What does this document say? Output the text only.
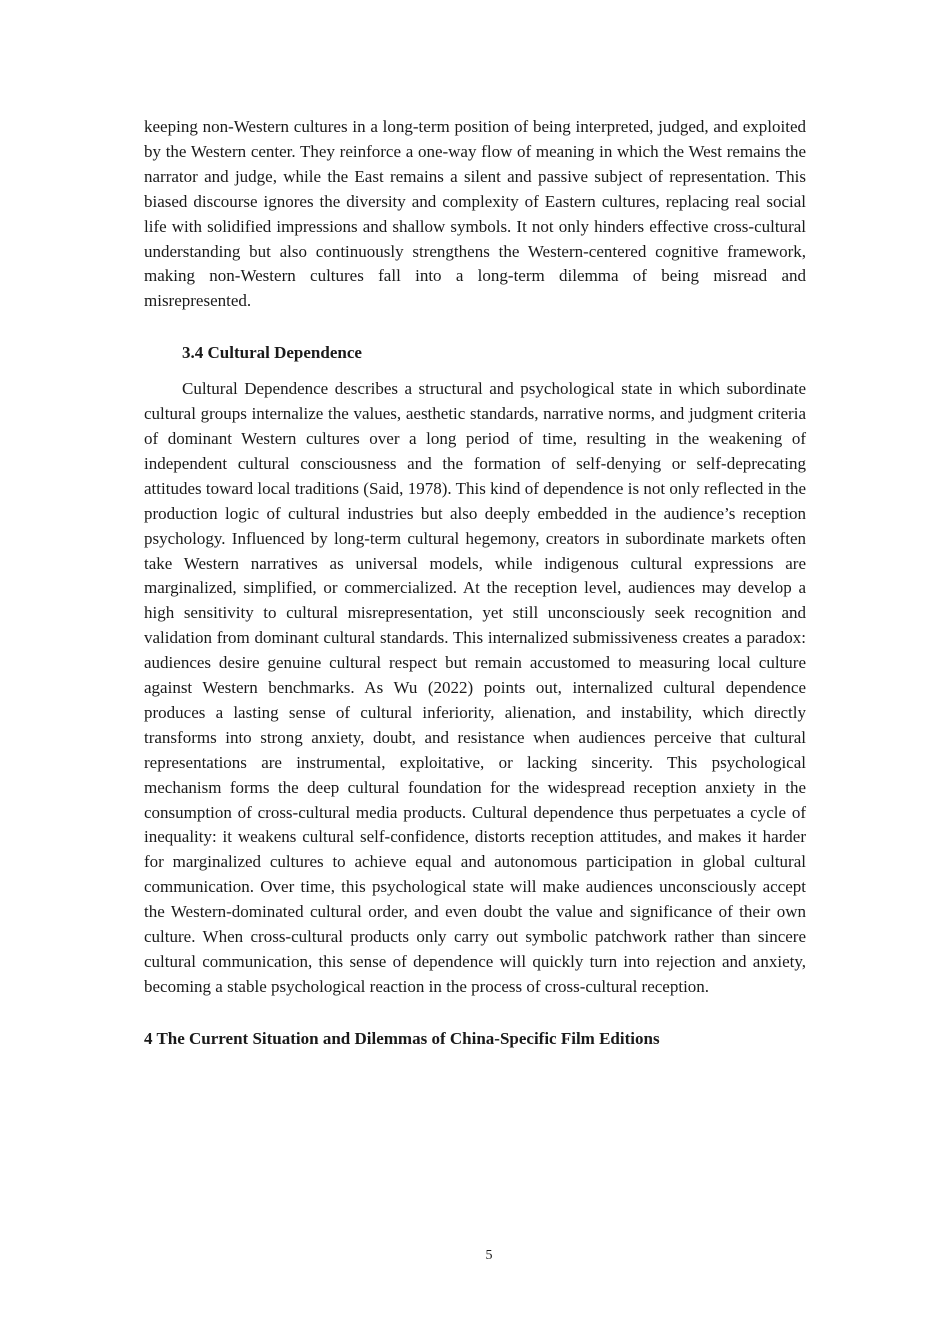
keeping non-Western cultures in a long-term position of being interpreted, judged, and exploited by the Western center. They reinforce a one-way flow of meaning in which the West remains the narrator and judge, while the East remains a silent and passive subject of representation. This biased discourse ignores the diversity and complexity of Eastern cultures, replacing real social life with solidified impressions and shallow symbols. It not only hinders effective cross-cultural understanding but also continuously strengthens the Western-centered cognitive framework, making non-Western cultures fall into a long-term dilemma of being misread and misrepresented.

3.4 Cultural Dependence

Cultural Dependence describes a structural and psychological state in which subordinate cultural groups internalize the values, aesthetic standards, narrative norms, and judgment criteria of dominant Western cultures over a long period of time, resulting in the weakening of independent cultural consciousness and the formation of self-denying or self-deprecating attitudes toward local traditions (Said, 1978). This kind of dependence is not only reflected in the production logic of cultural industries but also deeply embedded in the audience’s reception psychology. Influenced by long-term cultural hegemony, creators in subordinate markets often take Western narratives as universal models, while indigenous cultural expressions are marginalized, simplified, or commercialized. At the reception level, audiences may develop a high sensitivity to cultural misrepresentation, yet still unconsciously seek recognition and validation from dominant cultural standards. This internalized submissiveness creates a paradox: audiences desire genuine cultural respect but remain accustomed to measuring local culture against Western benchmarks. As Wu (2022) points out, internalized cultural dependence produces a lasting sense of cultural inferiority, alienation, and instability, which directly transforms into strong anxiety, doubt, and resistance when audiences perceive that cultural representations are instrumental, exploitative, or lacking sincerity. This psychological mechanism forms the deep cultural foundation for the widespread reception anxiety in the consumption of cross-cultural media products. Cultural dependence thus perpetuates a cycle of inequality: it weakens cultural self-confidence, distorts reception attitudes, and makes it harder for marginalized cultures to achieve equal and autonomous participation in global cultural communication. Over time, this psychological state will make audiences unconsciously accept the Western-dominated cultural order, and even doubt the value and significance of their own culture. When cross-cultural products only carry out symbolic patchwork rather than sincere cultural communication, this sense of dependence will quickly turn into rejection and anxiety, becoming a stable psychological reaction in the process of cross-cultural reception.

4 The Current Situation and Dilemmas of China-Specific Film Editions
5
